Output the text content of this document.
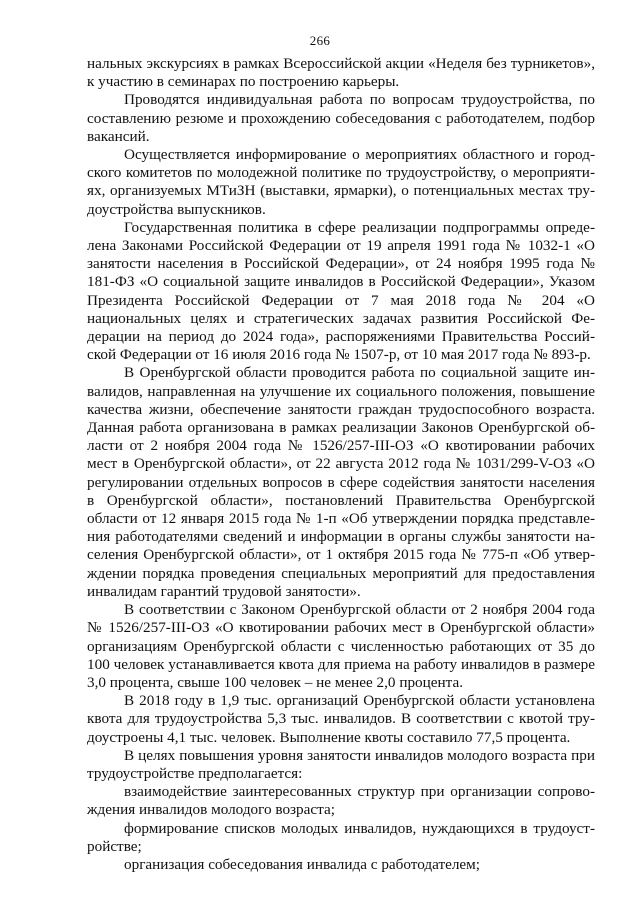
266

нальных экскурсиях в рамках Всероссийской акции «Неделя без турникетов», к участию в семинарах по построению карьеры.

Проводятся индивидуальная работа по вопросам трудоустройства, по составлению резюме и прохождению собеседования с работодателем, подбор вакансий.

Осуществляется информирование о мероприятиях областного и городского комитетов по молодежной политике по трудоустройству, о мероприятиях, организуемых МТиЗН (выставки, ярмарки), о потенциальных местах трудоустройства выпускников.

Государственная политика в сфере реализации подпрограммы определена Законами Российской Федерации от 19 апреля 1991 года № 1032-1 «О занятости населения в Российской Федерации», от 24 ноября 1995 года № 181-ФЗ «О социальной защите инвалидов в Российской Федерации», Указом Президента Российской Федерации от 7 мая 2018 года № 204 «О национальных целях и стратегических задачах развития Российской Федерации на период до 2024 года», распоряжениями Правительства Российской Федерации от 16 июля 2016 года № 1507-р, от 10 мая 2017 года № 893-р.

В Оренбургской области проводится работа по социальной защите инвалидов, направленная на улучшение их социального положения, повышение качества жизни, обеспечение занятости граждан трудоспособного возраста. Данная работа организована в рамках реализации Законов Оренбургской области от 2 ноября 2004 года № 1526/257-III-ОЗ «О квотировании рабочих мест в Оренбургской области», от 22 августа 2012 года № 1031/299-V-ОЗ «О регулировании отдельных вопросов в сфере содействия занятости населения в Оренбургской области», постановлений Правительства Оренбургской области от 12 января 2015 года № 1-п «Об утверждении порядка представления работодателями сведений и информации в органы службы занятости населения Оренбургской области», от 1 октября 2015 года № 775-п «Об утверждении порядка проведения специальных мероприятий для предоставления инвалидам гарантий трудовой занятости».

В соответствии с Законом Оренбургской области от 2 ноября 2004 года № 1526/257-III-ОЗ «О квотировании рабочих мест в Оренбургской области» организациям Оренбургской области с численностью работающих от 35 до 100 человек устанавливается квота для приема на работу инвалидов в размере 3,0 процента, свыше 100 человек – не менее 2,0 процента.

В 2018 году в 1,9 тыс. организаций Оренбургской области установлена квота для трудоустройства 5,3 тыс. инвалидов. В соответствии с квотой трудоустроены 4,1 тыс. человек. Выполнение квоты составило 77,5 процента.

В целях повышения уровня занятости инвалидов молодого возраста при трудоустройстве предполагается:

взаимодействие заинтересованных структур при организации сопровождения инвалидов молодого возраста;

формирование списков молодых инвалидов, нуждающихся в трудоустройстве;

организация собеседования инвалида с работодателем;
